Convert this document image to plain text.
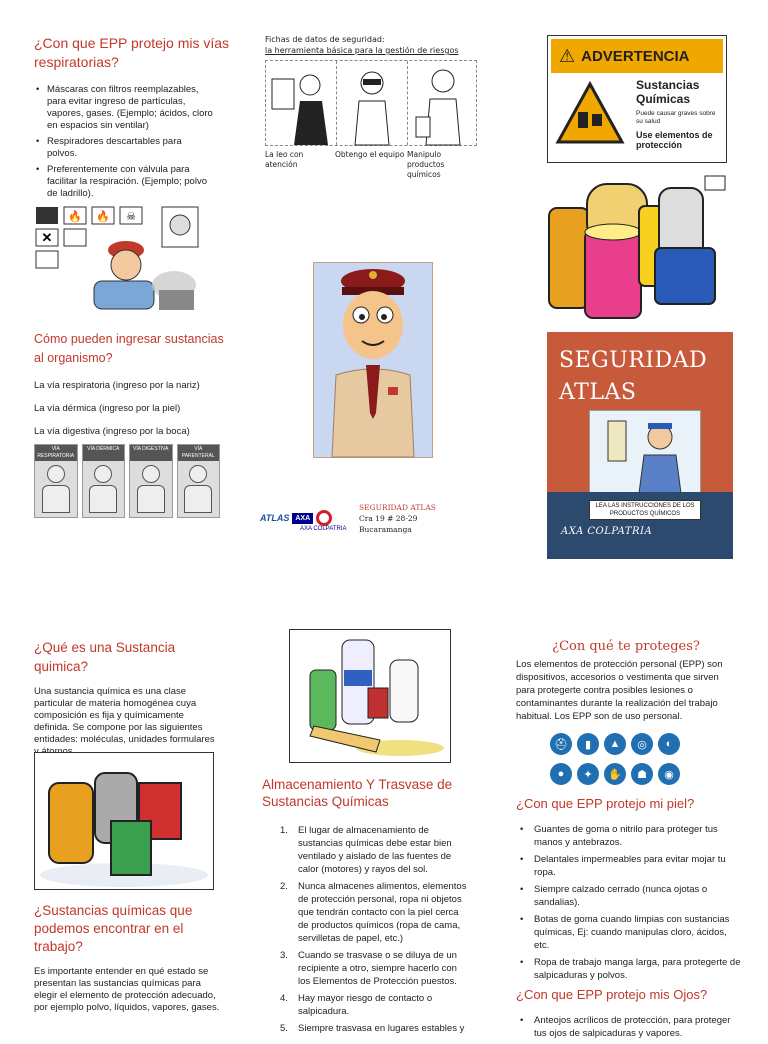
¿Con que EPP protejo mis vías respiratorias?
• Máscaras con filtros reemplazables, para evitar ingreso de partículas, vapores, gases. (Ejemplo; ácidos, cloro en espacios sin ventilar)
• Respiradores descartables para polvos.
• Preferentemente con válvula para facilitar la respiración. (Ejemplo; polvo de ladrillo).
🔥 🔥 ☠
✕
Cómo pueden ingresar sustancias al organismo?

La vía respiratoria (ingreso por la nariz)

La vía dérmica (ingreso por la piel)

La vía digestiva (ingreso por la boca)

VÍA RESPIRATORIA
VÍA DÉRMICA	VÍA DIGESTIVA	VÍA PARENTERAL
Fichas de datos de seguridad:
la herramienta básica para la gestión de riesgos
La leo con atención
Obtengo el equipo Manipulo productos químicos
ATLAS AXA
AXA COLPATRIA
SEGURIDAD ATLAS
Cra 19 # 28-29
Bucaramanga
⚠ ADVERTENCIA
Sustancias
Químicas
Puede causar graves sobre su salud
Use elementos de protección
SEGURIDAD
ATLAS
LEA LAS INSTRUCCIONES DE LOS PRODUCTOS QUÍMICOS
AXA COLPATRIA
¿Qué es una Sustancia quimica?

Una sustancia química es una clase particular de materia homogénea cuya composición es fija y químicamente definida. Se compone por las siguientes entidades: moléculas, unidades formulares

¿Sustancias químicas que podemos encontrar en el trabajo?

Es importante entender en qué estado se presentan las sustancias químicas para elegir el elemento de protección adecuado, por ejemplo polvo, líquidos, vapores, gases.

Almacenamiento Y Trasvase de Sustancias Químicas
1. El lugar de almacenamiento de sustancias químicas debe estar bien ventilado y aislado de las fuentes de calor (motores) y rayos del sol.
2. Nunca almacenes alimentos, elementos de protección personal, ropa ni objetos que tendrán contacto con la piel cerca de productos químicos (ropa de cama, servilletas de papel, etc.)
3. Cuando se trasvase o se diluya de un recipiente a otro, siempre hacerlo con los Elementos de Protección puestos.
4. Hay mayor riesgo de contacto o salpicadura.
5. Siempre trasvasa en lugares estables y
¿Con qué te proteges?

Los elementos de protección personal (EPP) son dispositivos, accesorios o vestimenta que sirven para protegerte contra posibles lesiones o contaminantes durante la realización del trabajo habitual. Los EPP son de uso personal.

⛑	▮	▲	◎	◐
●	✦	✋	☗	◉
¿Con que EPP protejo mi piel?
• Guantes de goma o nitrilo para proteger tus manos y antebrazos.
• Delantales impermeables para evitar mojar tu ropa.
• Siempre calzado cerrado (nunca ojotas o sandalias).
• Botas de goma cuando limpias con sustancias químicas, Ej: cuando manipulas cloro, ácidos, etc.
• Ropa de trabajo manga larga, para protegerte de salpicaduras y polvos.
¿Con que EPP protejo mis Ojos?
• Anteojos acrílicos de protección, para proteger tus ojos de salpicaduras y vapores.
